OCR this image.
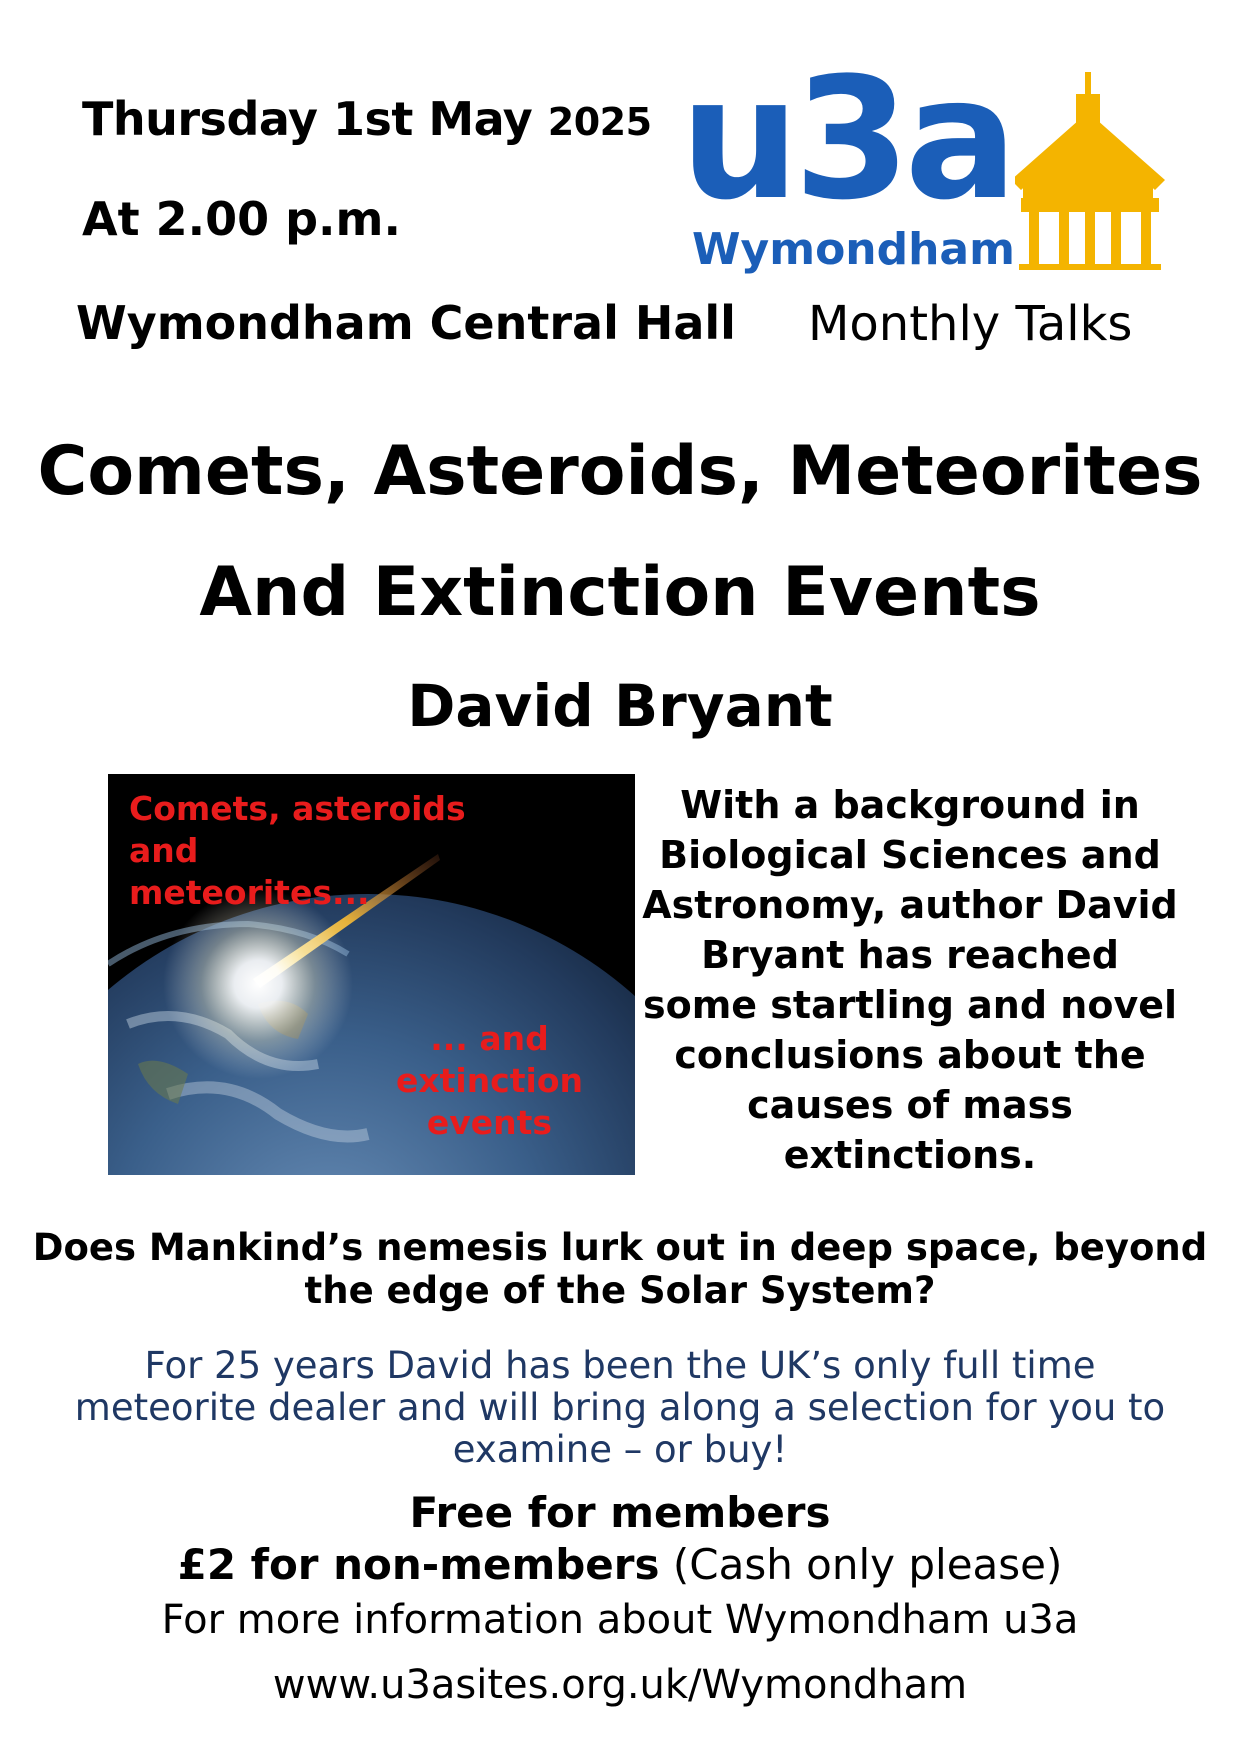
Thursday 1st May 2025
At 2.00 p.m.
Wymondham Central Hall Monthly Talks
u3a
Wymondham
Comets, Asteroids, Meteorites
And Extinction Events
David Bryant
Comets, asteroids
and
meteorites...
... and
extinction
events
With a background in Biological Sciences and Astronomy, author David Bryant has reached some startling and novel conclusions about the causes of mass extinctions.
Does Mankind’s nemesis lurk out in deep space, beyond the edge of the Solar System?
For 25 years David has been the UK’s only full time meteorite dealer and will bring along a selection for you to examine – or buy!
Free for members
£2 for non-members (Cash only please)
For more information about Wymondham u3a
www.u3asites.org.uk/Wymondham
